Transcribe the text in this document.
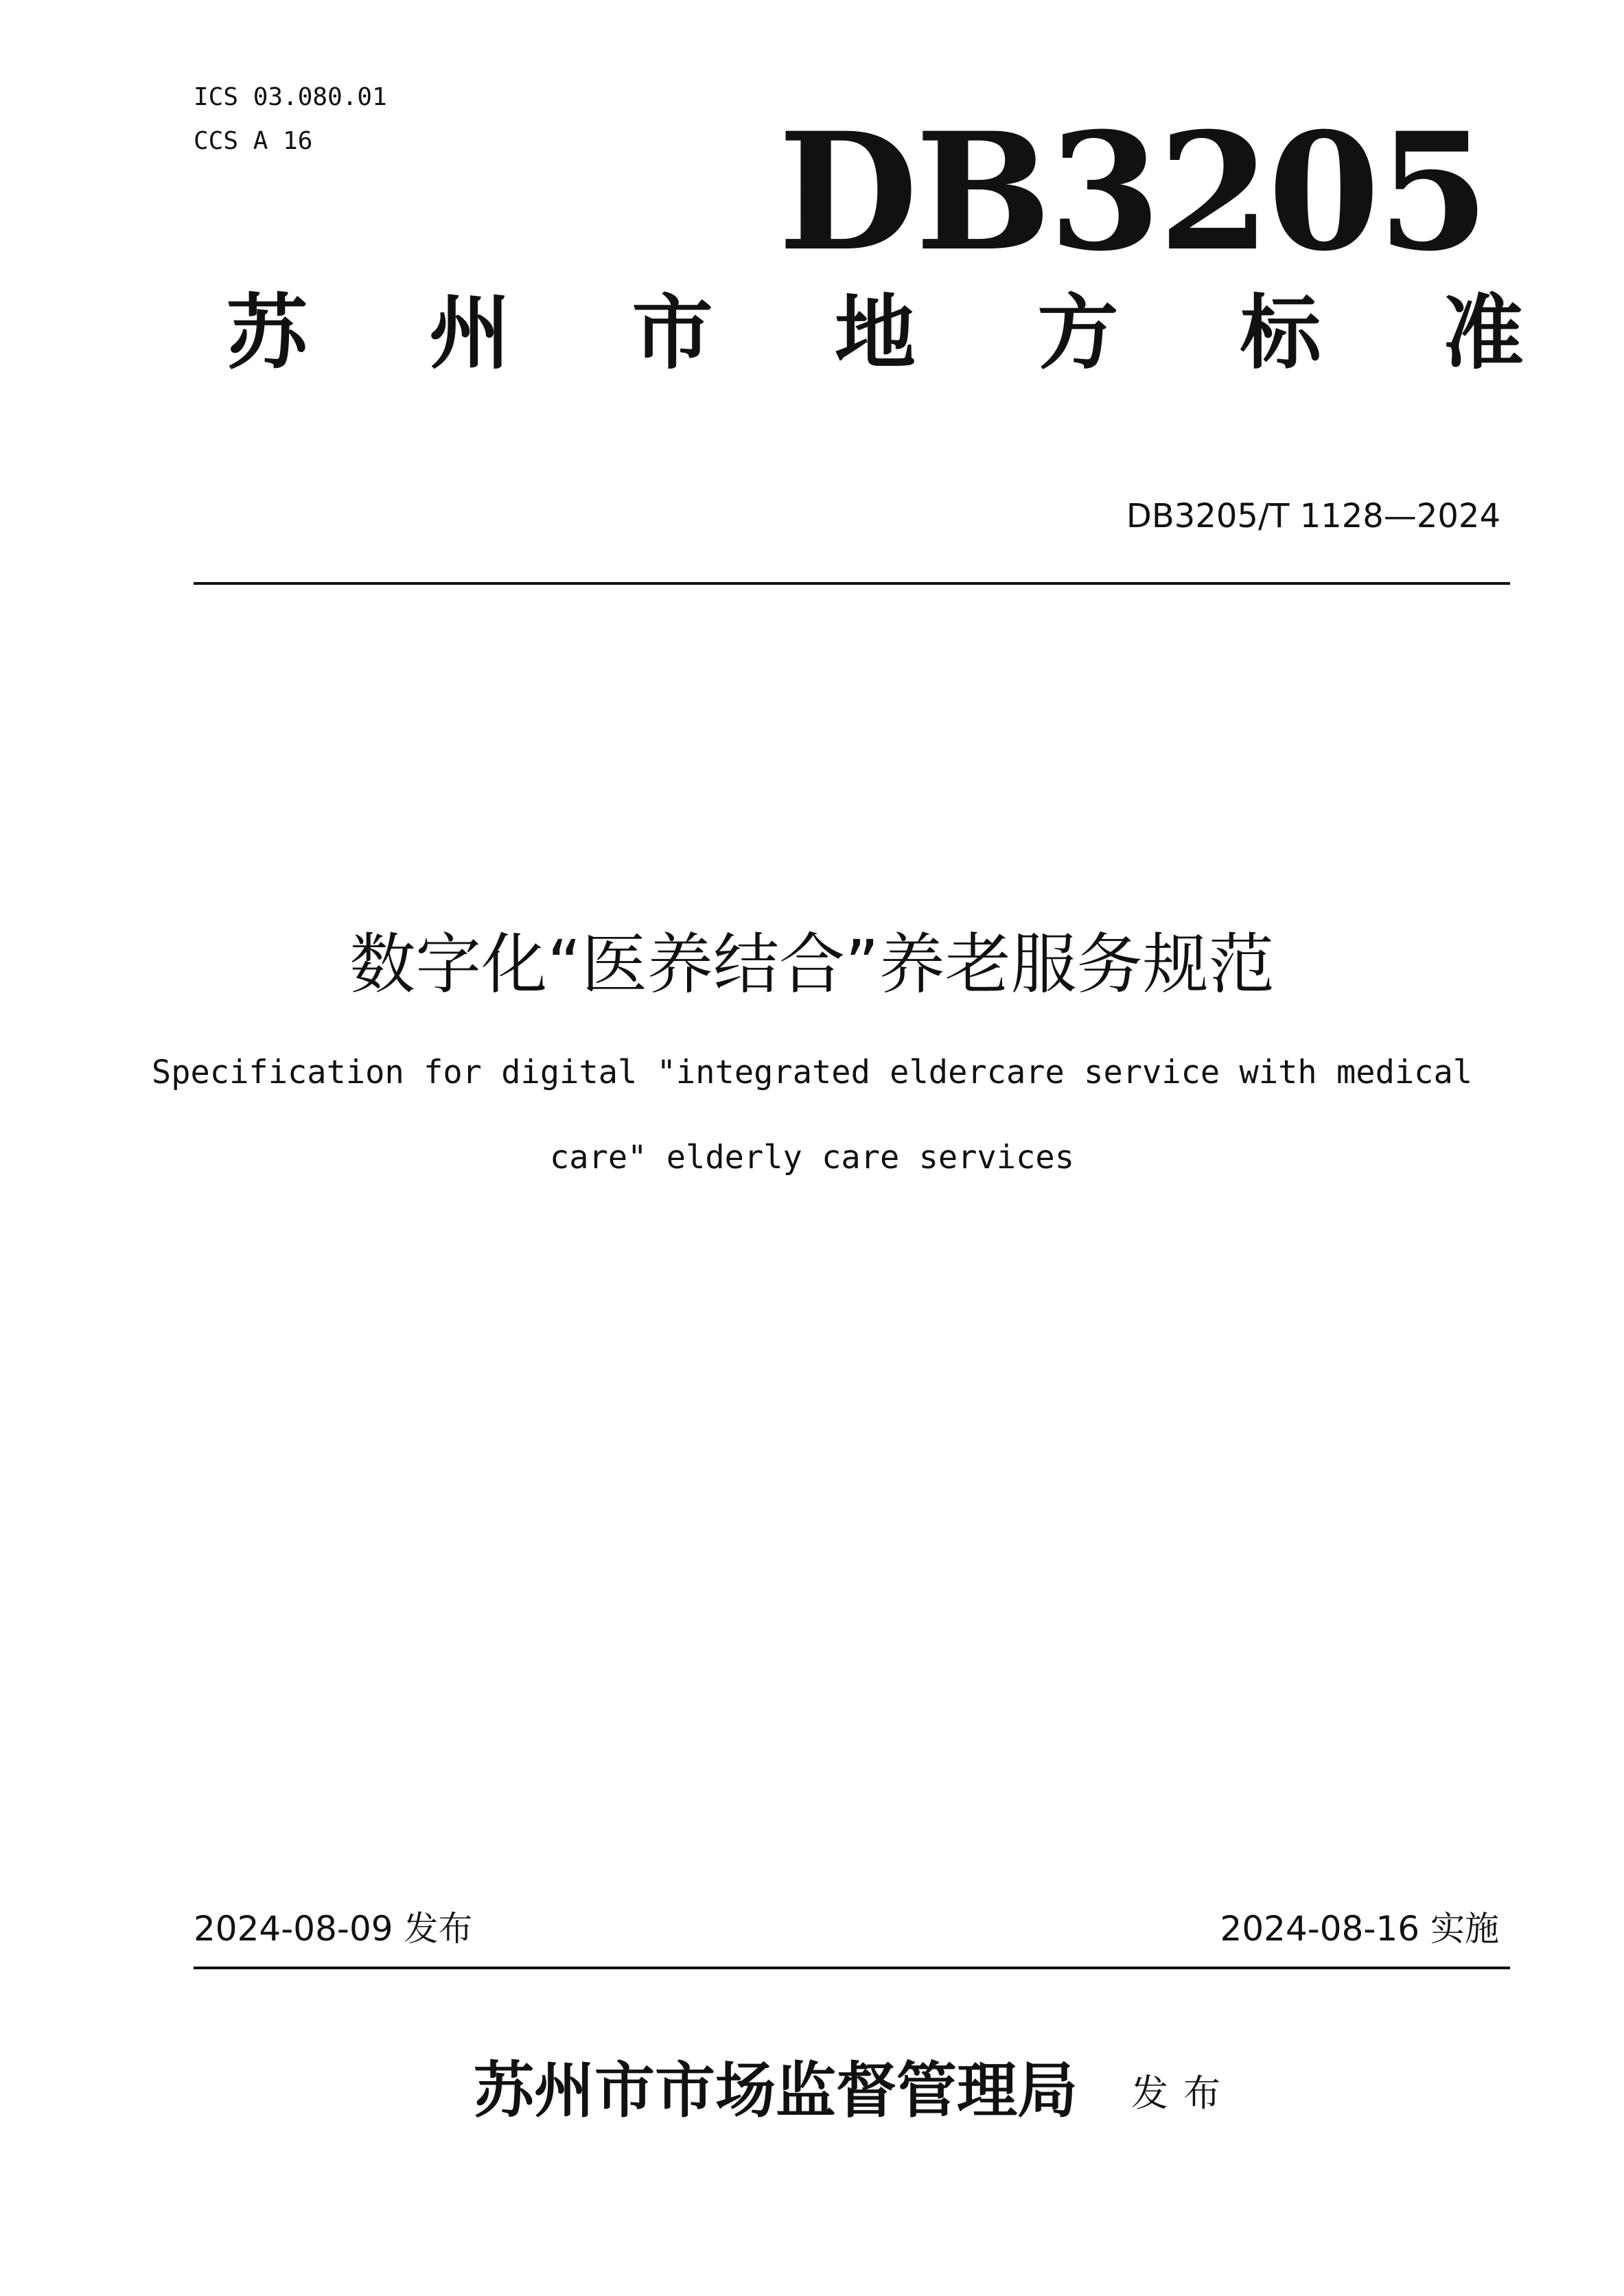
ICS 03.080.01
CCS A 16	DB3205
苏 州 市 地 方 标 准
DB3205/T 1128—2024
数字化“医养结合”养老服务规范
Specification for digital "integrated eldercare service with medical
care" elderly care services
2024-08-09 发布	2024-08-16 实施
苏州市市场监督管理局 发布
